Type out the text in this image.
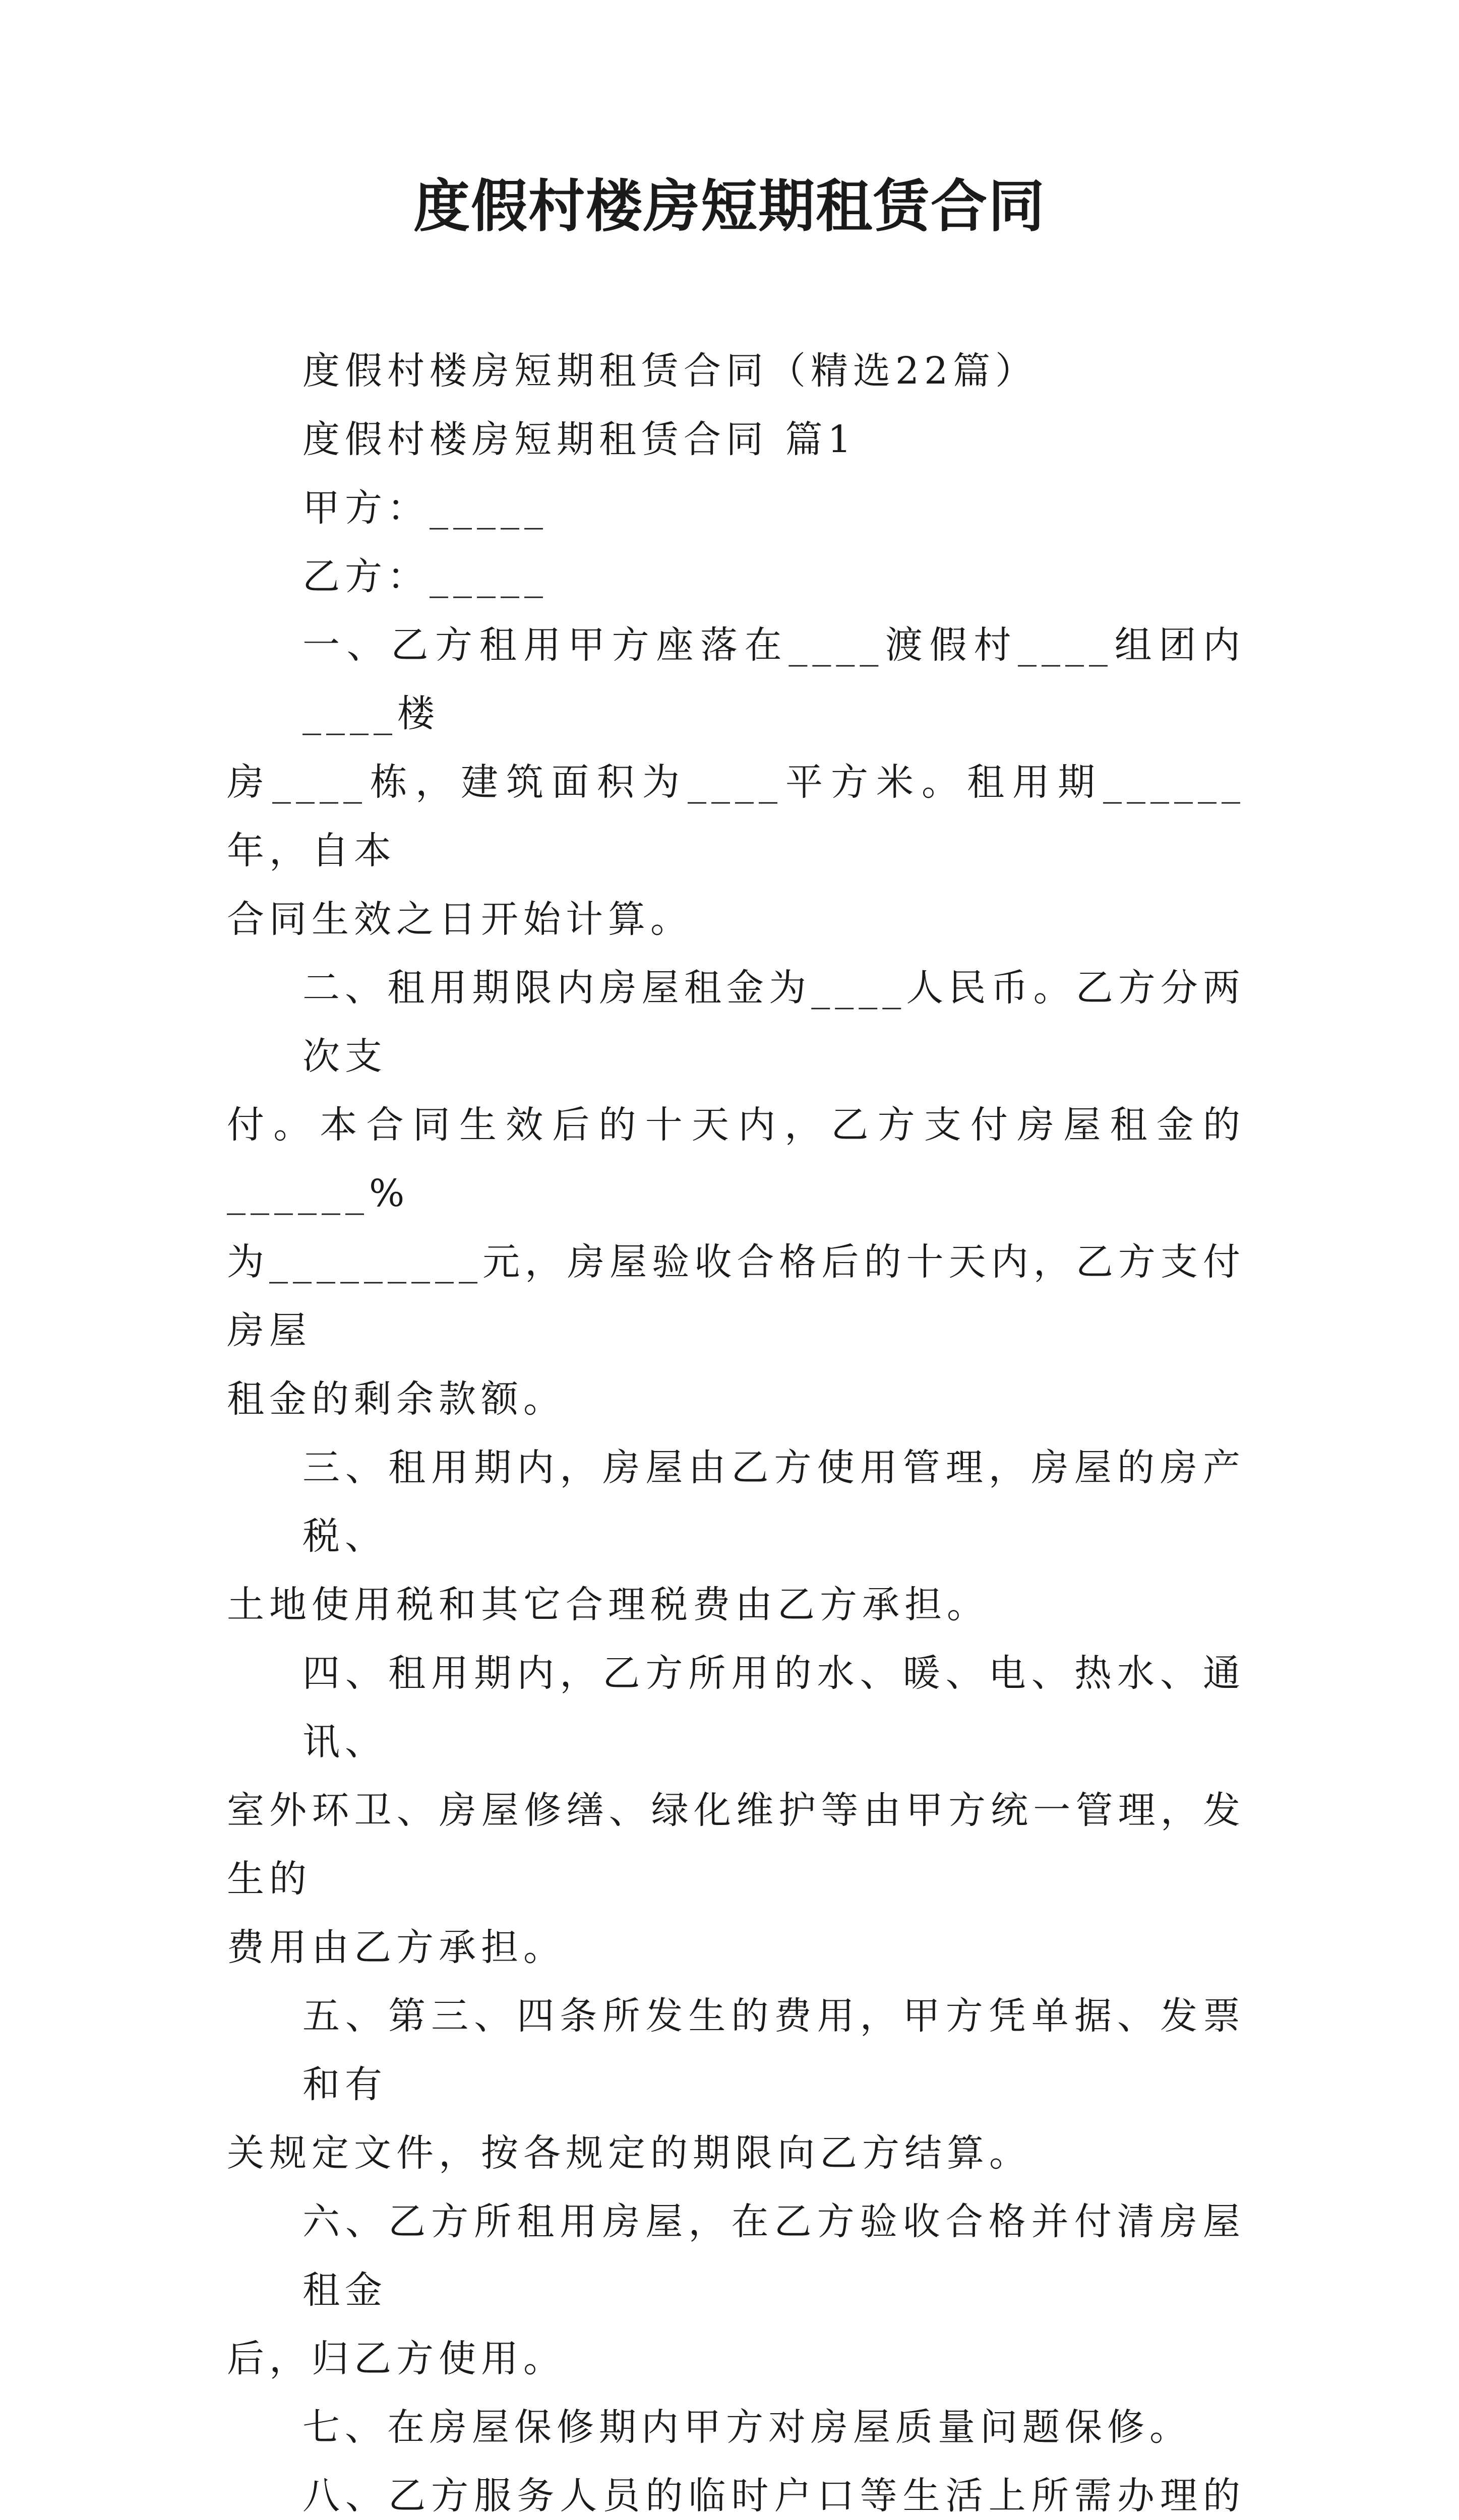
度假村楼房短期租赁合同

度假村楼房短期租赁合同（精选22篇）

度假村楼房短期租赁合同 篇1

甲方：_____

乙方：_____

一、乙方租用甲方座落在____渡假村____组团内____楼
房____栋，建筑面积为____平方米。租用期______年，自本
合同生效之日开始计算。

二、租用期限内房屋租金为____人民币。乙方分两次支
付。本合同生效后的十天内，乙方支付房屋租金的______%
为_________元，房屋验收合格后的十天内，乙方支付房屋
租金的剩余款额。

三、租用期内，房屋由乙方使用管理，房屋的房产税、
土地使用税和其它合理税费由乙方承担。

四、租用期内，乙方所用的水、暖、电、热水、通讯、
室外环卫、房屋修缮、绿化维护等由甲方统一管理，发生的
费用由乙方承担。

五、第三、四条所发生的费用，甲方凭单据、发票和有
关规定文件，按各规定的期限向乙方结算。

六、乙方所租用房屋，在乙方验收合格并付清房屋租金
后，归乙方使用。

七、在房屋保修期内甲方对房屋质量问题保修。

八、乙方服务人员的临时户口等生活上所需办理的
